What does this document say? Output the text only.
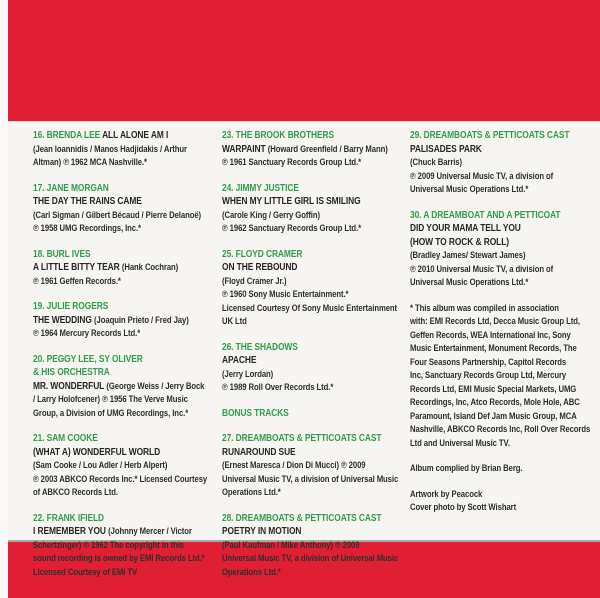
16. BRENDA LEE ALL ALONE AM I
(Jean Ioannidis / Manos Hadjidakis / Arthur
Altman) ℗ 1962 MCA Nashville.*
17. JANE MORGAN
THE DAY THE RAINS CAME
(Carl Sigman / Gilbert Bécaud / Pierre Delanoë)
℗ 1958 UMG Recordings, Inc.*
18. BURL IVES
A LITTLE BITTY TEAR (Hank Cochran)
℗ 1961 Geffen Records.*
19. JULIE ROGERS
THE WEDDING (Joaquin Prieto / Fred Jay)
℗ 1964 Mercury Records Ltd.*
20. PEGGY LEE, SY OLIVER
& HIS ORCHESTRA
MR. WONDERFUL (George Weiss / Jerry Bock
/ Larry Holofcener) ℗ 1956 The Verve Music
Group, a Division of UMG Recordings, Inc.*
21. SAM COOKE
(WHAT A) WONDERFUL WORLD
(Sam Cooke / Lou Adler / Herb Alpert)
℗ 2003 ABKCO Records Inc.* Licensed Courtesy
of ABKCO Records Ltd.
22. FRANK IFIELD
I REMEMBER YOU (Johnny Mercer / Victor
Schertzinger) ℗ 1962 The copyright in this
sound recording is owned by EMI Records Ltd.*
Licensed Courtesy of EMI TV
23. THE BROOK BROTHERS
WARPAINT (Howard Greenfield / Barry Mann)
℗ 1961 Sanctuary Records Group Ltd.*
24. JIMMY JUSTICE
WHEN MY LITTLE GIRL IS SMILING
(Carole King / Gerry Goffin)
℗ 1962 Sanctuary Records Group Ltd.*
25. FLOYD CRAMER
ON THE REBOUND
(Floyd Cramer Jr.)
℗ 1960 Sony Music Entertainment.*
Licensed Courtesy Of Sony Music Entertainment
UK Ltd
26. THE SHADOWS
APACHE
(Jerry Lordan)
℗ 1989 Roll Over Records Ltd.*
BONUS TRACKS
27. DREAMBOATS & PETTICOATS CAST
RUNAROUND SUE
(Ernest Maresca / Dion Di Mucci) ℗ 2009
Universal Music TV, a division of Universal Music
Operations Ltd.*
28. DREAMBOATS & PETTICOATS CAST
POETRY IN MOTION
(Paul Kaufman / Mike Anthony) ℗ 2009
Universal Music TV, a division of Universal Music
Operations Ltd.*
29. DREAMBOATS & PETTICOATS CAST
PALISADES PARK
(Chuck Barris)
℗ 2009 Universal Music TV, a division of
Universal Music Operations Ltd.*
30. A DREAMBOAT AND A PETTICOAT
DID YOUR MAMA TELL YOU
(HOW TO ROCK & ROLL)
(Bradley James/ Stewart James)
℗ 2010 Universal Music TV, a division of
Universal Music Operations Ltd.*
* This album was compiled in association
with: EMI Records Ltd, Decca Music Group Ltd,
Geffen Records, WEA International Inc, Sony
Music Entertainment, Monument Records, The
Four Seasons Partnership, Capitol Records
Inc, Sanctuary Records Group Ltd, Mercury
Records Ltd, EMI Music Special Markets, UMG
Recordings, Inc, Atco Records, Mole Hole, ABC
Paramount, Island Def Jam Music Group, MCA
Nashville, ABKCO Records Inc, Roll Over Records
Ltd and Universal Music TV.
Album complied by Brian Berg.
Artwork by Peacock
Cover photo by Scott Wishart
